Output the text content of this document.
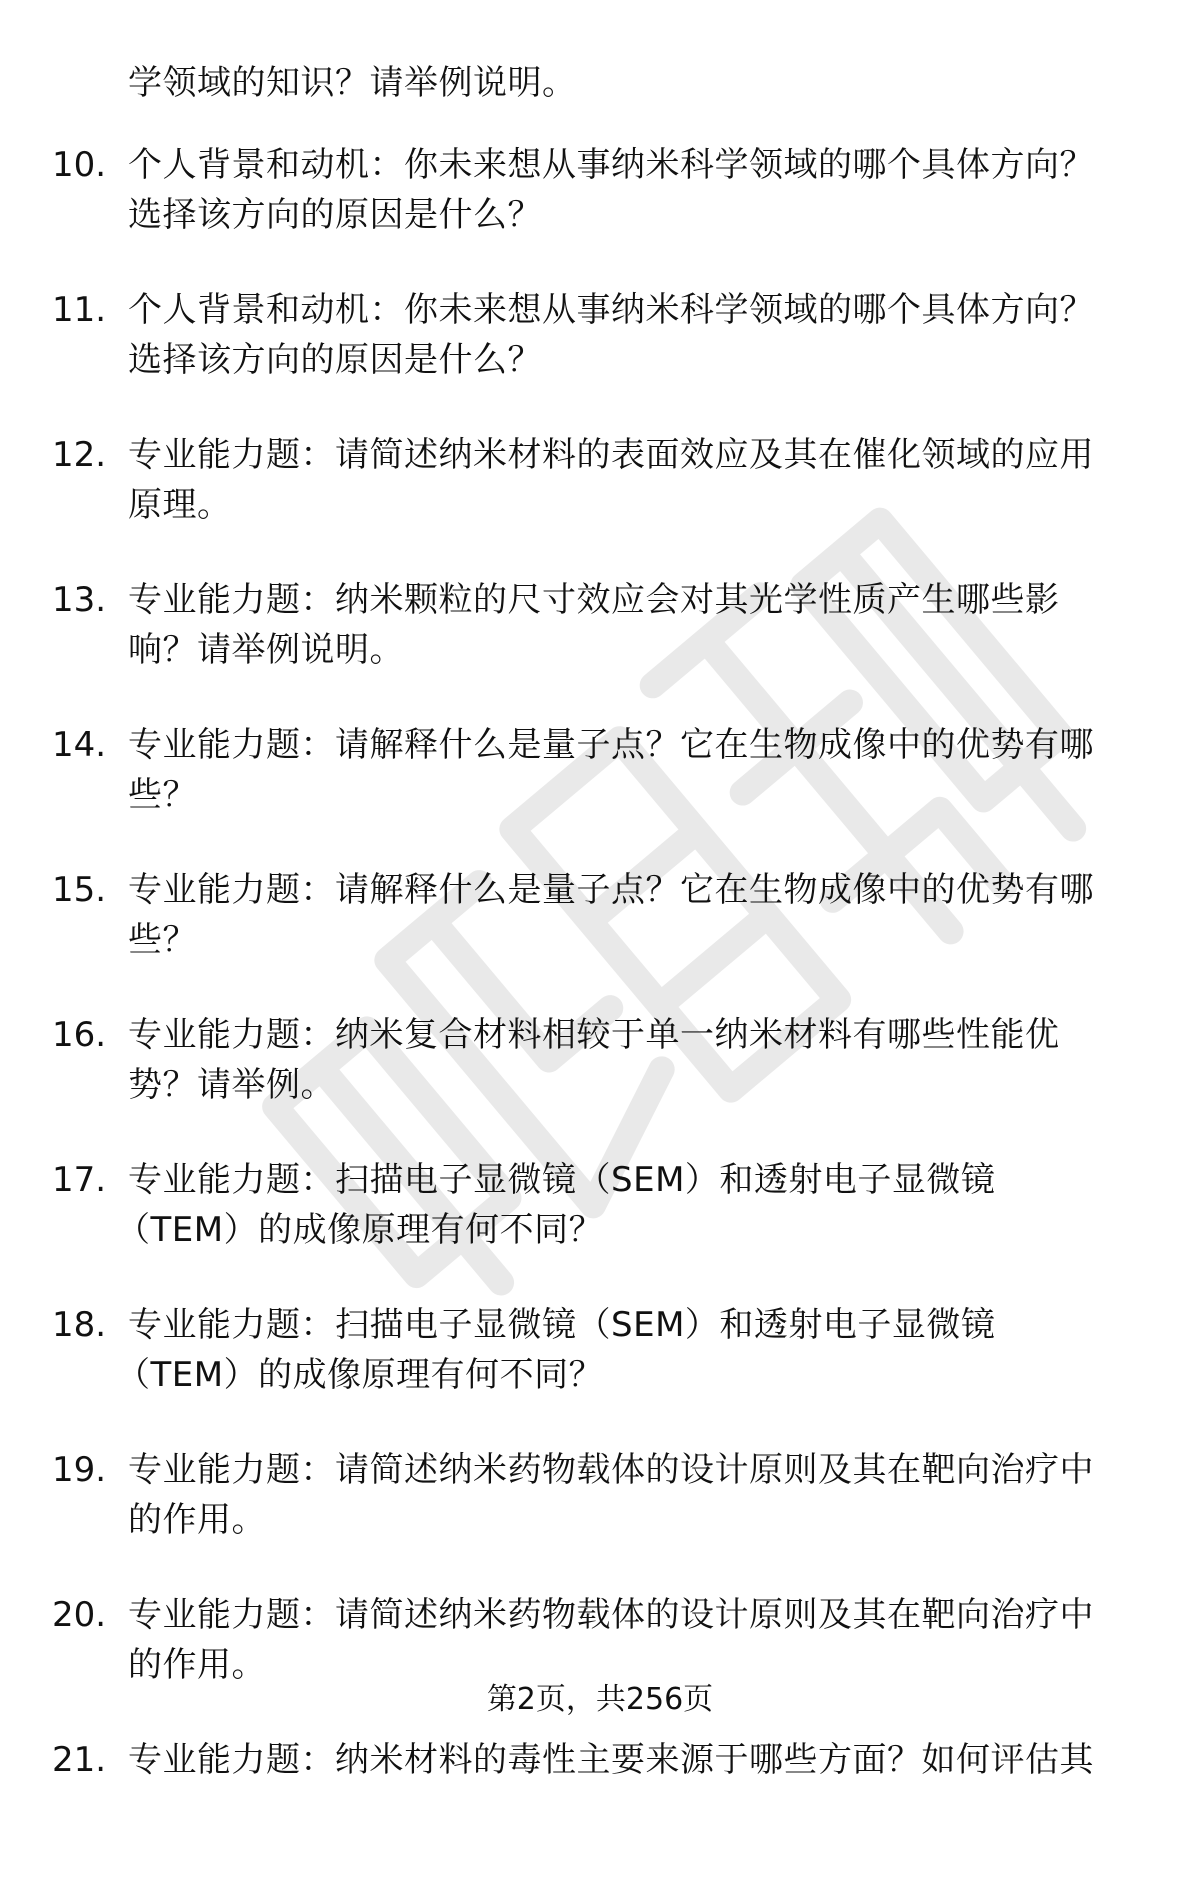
学领域的知识？请举例说明。
10. 个人背景和动机：你未来想从事纳米科学领域的哪个具体方向？
选择该方向的原因是什么？
11. 个人背景和动机：你未来想从事纳米科学领域的哪个具体方向？
选择该方向的原因是什么？
12. 专业能力题：请简述纳米材料的表面效应及其在催化领域的应用
原理。
13. 专业能力题：纳米颗粒的尺寸效应会对其光学性质产生哪些影
响？请举例说明。
14. 专业能力题：请解释什么是量子点？它在生物成像中的优势有哪
些？
15. 专业能力题：请解释什么是量子点？它在生物成像中的优势有哪
些？
16. 专业能力题：纳米复合材料相较于单一纳米材料有哪些性能优
势？请举例。
17. 专业能力题：扫描电子显微镜（SEM）和透射电子显微镜
（TEM）的成像原理有何不同？
18. 专业能力题：扫描电子显微镜（SEM）和透射电子显微镜
（TEM）的成像原理有何不同？
19. 专业能力题：请简述纳米药物载体的设计原则及其在靶向治疗中
的作用。
20. 专业能力题：请简述纳米药物载体的设计原则及其在靶向治疗中
的作用。
21. 专业能力题：纳米材料的毒性主要来源于哪些方面？如何评估其
第2页，共256页
